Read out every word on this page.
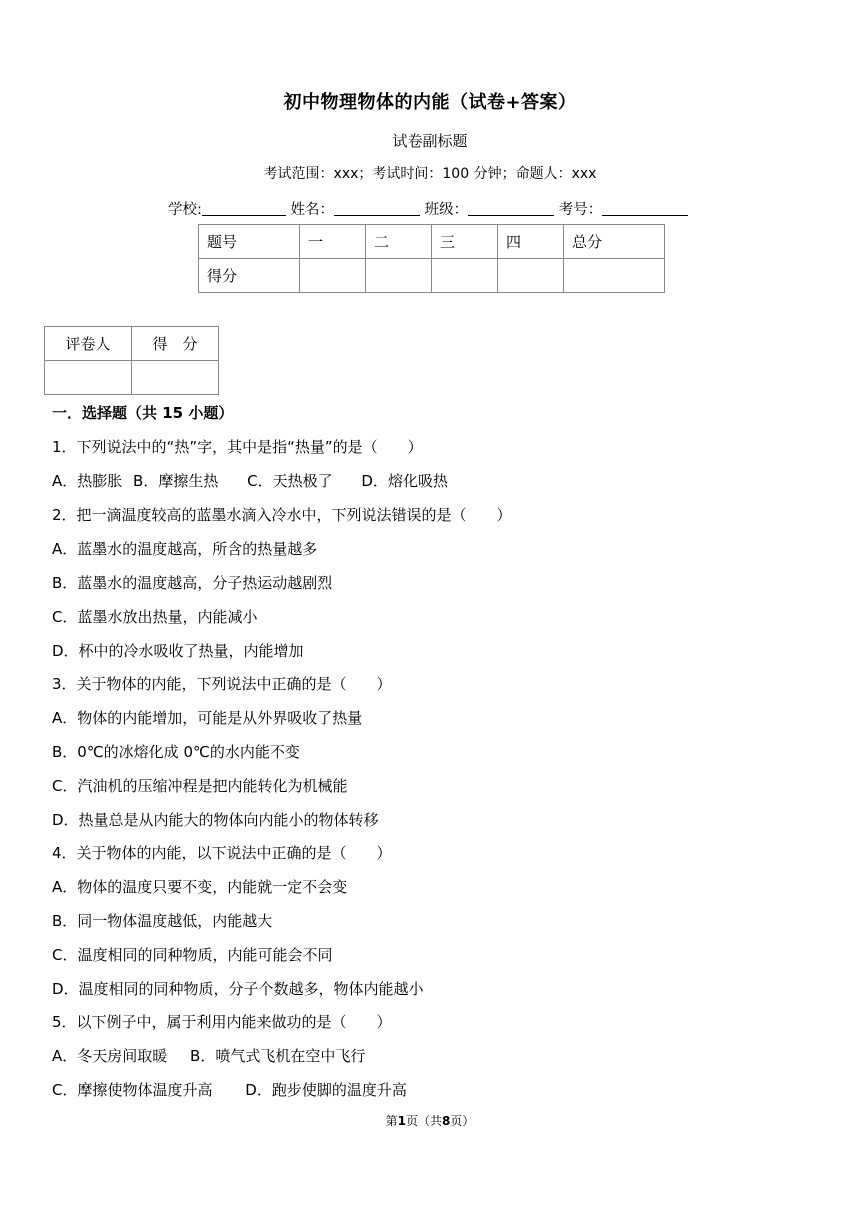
初中物理物体的内能（试卷+答案）
试卷副标题
考试范围：xxx；考试时间：100 分钟；命题人：xxx
学校:	姓名：	班级：	考号：
题号	一	二	三	四	总分
得分					
评卷人	得　分

一．选择题（共 15 小题）
1．下列说法中的“热”字，其中是指“热量”的是（　　）
A．热膨胀 B．摩擦生热 C．天热极了 D．熔化吸热
2．把一滴温度较高的蓝墨水滴入冷水中，下列说法错误的是（　　）
A．蓝墨水的温度越高，所含的热量越多
B．蓝墨水的温度越高，分子热运动越剧烈
C．蓝墨水放出热量，内能减小
D．杯中的冷水吸收了热量，内能增加
3．关于物体的内能，下列说法中正确的是（　　）
A．物体的内能增加，可能是从外界吸收了热量
B．0℃的冰熔化成 0℃的水内能不变
C．汽油机的压缩冲程是把内能转化为机械能
D．热量总是从内能大的物体向内能小的物体转移
4．关于物体的内能，以下说法中正确的是（　　）
A．物体的温度只要不变，内能就一定不会变
B．同一物体温度越低，内能越大
C．温度相同的同种物质，内能可能会不同
D．温度相同的同种物质，分子个数越多，物体内能越小
5．以下例子中，属于利用内能来做功的是（　　）
A．冬天房间取暖 B．喷气式飞机在空中飞行
C．摩擦使物体温度升高 D．跑步使脚的温度升高
第1页（共8页）
